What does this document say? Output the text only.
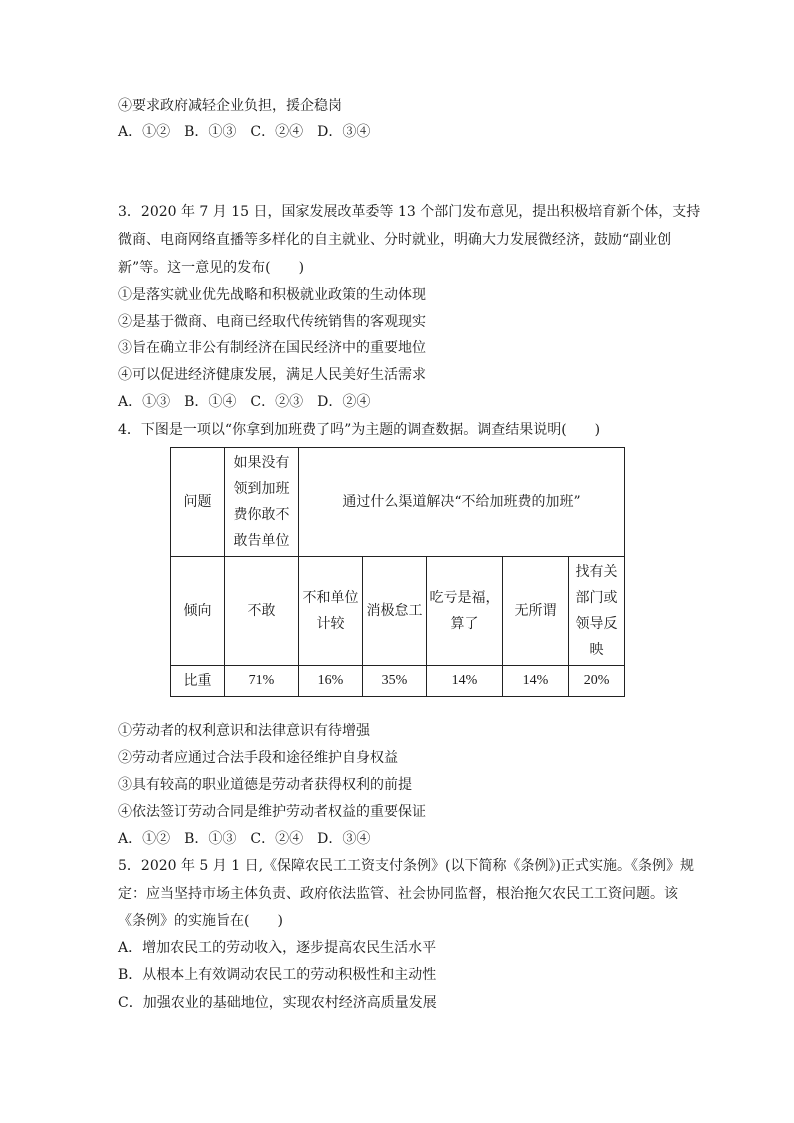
④要求政府减轻企业负担，援企稳岗
A．①②　B．①③　C．②④　D．③④
3．2020 年 7 月 15 日，国家发展改革委等 13 个部门发布意见，提出积极培育新个体，支持
微商、电商网络直播等多样化的自主就业、分时就业，明确大力发展微经济，鼓励“副业创
新”等。这一意见的发布(　　)
①是落实就业优先战略和积极就业政策的生动体现
②是基于微商、电商已经取代传统销售的客观现实
③旨在确立非公有制经济在国民经济中的重要地位
④可以促进经济健康发展，满足人民美好生活需求
A．①③　B．①④　C．②③　D．②④
4．下图是一项以“你拿到加班费了吗”为主题的调查数据。调查结果说明(　　)
问题	如果没有领到加班费你敢不敢告单位	通过什么渠道解决“不给加班费的加班”				
倾向	不敢	不和单位计较	消极怠工	吃亏是福，算了	无所谓	找有关部门或领导反映
比重	71%	16%	35%	14%	14%	20%
①劳动者的权利意识和法律意识有待增强
②劳动者应通过合法手段和途径维护自身权益
③具有较高的职业道德是劳动者获得权利的前提
④依法签订劳动合同是维护劳动者权益的重要保证
A．①②　B．①③　C．②④　D．③④
5．2020 年 5 月 1 日,《保障农民工工资支付条例》(以下简称《条例》)正式实施。《条例》规
定：应当坚持市场主体负责、政府依法监管、社会协同监督，根治拖欠农民工工资问题。该
《条例》的实施旨在(　　)
A．增加农民工的劳动收入，逐步提高农民生活水平
B．从根本上有效调动农民工的劳动积极性和主动性
C．加强农业的基础地位，实现农村经济高质量发展
